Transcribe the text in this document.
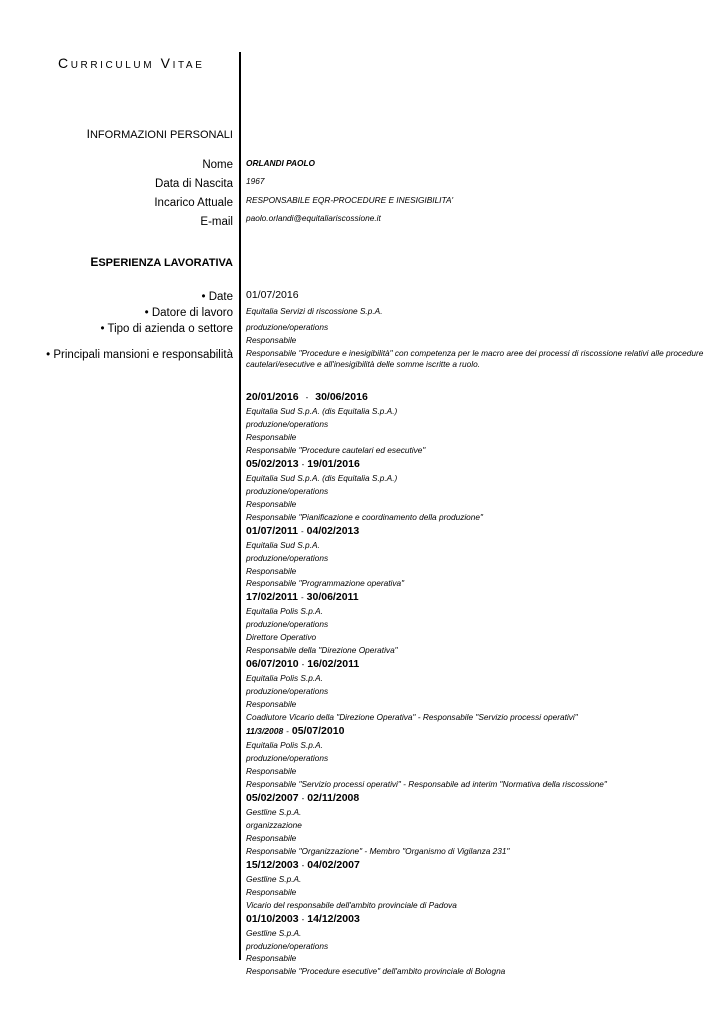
CURRICULUM VITAE
INFORMAZIONI PERSONALI
Nome ORLANDI PAOLO
Data di Nascita 1967
Incarico Attuale RESPONSABILE EQR-PROCEDURE E INESIGIBILITA'
E-mail paolo.orlandi@equitaliariscossione.it
ESPERIENZA LAVORATIVA
• Date
• Datore di lavoro
• Tipo di azienda o settore
• Principali mansioni e responsabilità
01/07/2016
Equitalia Servizi di riscossione S.p.A.
produzione/operations
Responsabile
Responsabile "Procedure e inesigibilità" con competenza per le macro aree dei processi di riscossione relativi alle procedure cautelari/esecutive e all'inesigibilità delle somme iscritte a ruolo.
20/01/2016 - 30/06/2016
Equitalia Sud S.p.A. (dis Equitalia S.p.A.)
produzione/operations
Responsabile
Responsabile "Procedure cautelari ed esecutive"
05/02/2013 - 19/01/2016
Equitalia Sud S.p.A. (dis Equitalia S.p.A.)
produzione/operations
Responsabile
Responsabile "Pianificazione e coordinamento della produzione"
01/07/2011 - 04/02/2013
Equitalia Sud S.p.A.
produzione/operations
Responsabile
Responsabile "Programmazione operativa"
17/02/2011 - 30/06/2011
Equitalia Polis S.p.A.
produzione/operations
Direttore Operativo
Responsabile della "Direzione Operativa"
06/07/2010 - 16/02/2011
Equitalia Polis S.p.A.
produzione/operations
Responsabile
Coadiutore Vicario della "Direzione Operativa" - Responsabile "Servizio processi operativi"
11/3/2008 - 05/07/2010
Equitalia Polis S.p.A.
produzione/operations
Responsabile
Responsabile "Servizio processi operativi" - Responsabile ad interim "Normativa della riscossione"
05/02/2007 - 02/11/2008
Gestline S.p.A.
organizzazione
Responsabile
Responsabile "Organizzazione" - Membro "Organismo di Vigilanza 231"
15/12/2003 - 04/02/2007
Gestline S.p.A.
Responsabile
Vicario del responsabile dell'ambito provinciale di Padova
01/10/2003 - 14/12/2003
Gestline S.p.A.
produzione/operations
Responsabile
Responsabile "Procedure esecutive" dell'ambito provinciale di Bologna
